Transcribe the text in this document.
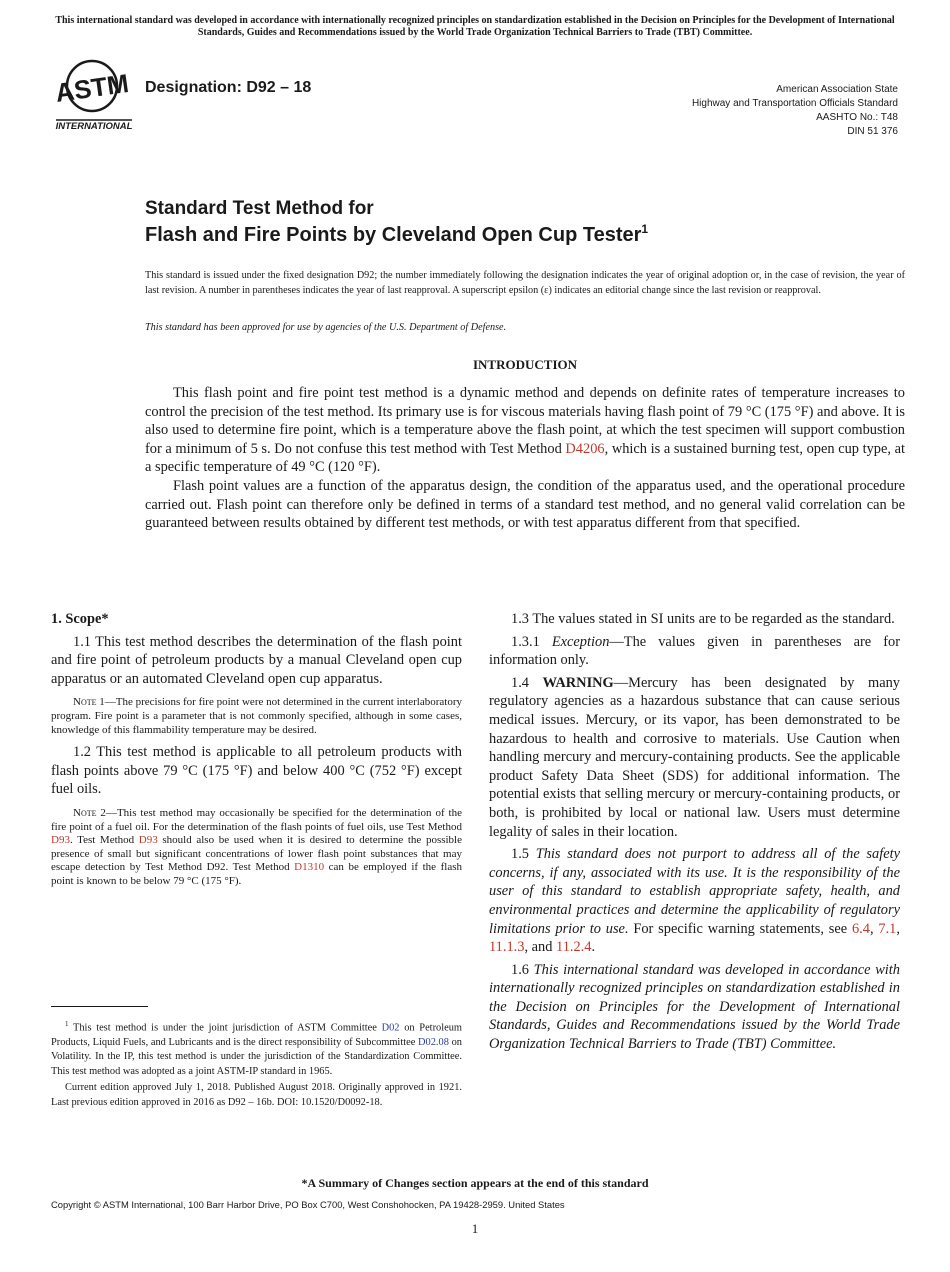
This international standard was developed in accordance with internationally recognized principles on standardization established in the Decision on Principles for the Development of International Standards, Guides and Recommendations issued by the World Trade Organization Technical Barriers to Trade (TBT) Committee.
ASTM
INTERNATIONAL
Designation: D92 – 18	American Association State
Highway and Transportation Officials Standard
AASHTO No.: T48
DIN 51 376
Standard Test Method for
Flash and Fire Points by Cleveland Open Cup Tester$^1$
This standard is issued under the fixed designation D92; the number immediately following the designation indicates the year of original adoption or, in the case of revision, the year of last revision. A number in parentheses indicates the year of last reapproval. A superscript epsilon (ε) indicates an editorial change since the last revision or reapproval.
This standard has been approved for use by agencies of the U.S. Department of Defense.
INTRODUCTION

This flash point and fire point test method is a dynamic method and depends on definite rates of temperature increases to control the precision of the test method. Its primary use is for viscous materials having flash point of 79 °C (175 °F) and above. It is also used to determine fire point, which is a temperature above the flash point, at which the test specimen will support combustion for a minimum of 5 s. Do not confuse this test method with Test Method D4206, which is a sustained burning test, open cup type, at a specific temperature of 49 °C (120 °F).

Flash point values are a function of the apparatus design, the condition of the apparatus used, and the operational procedure carried out. Flash point can therefore only be defined in terms of a standard test method, and no general valid correlation can be guaranteed between results obtained by different test methods, or with test apparatus different from that specified.

1. Scope*

1.1 This test method describes the determination of the flash point and fire point of petroleum products by a manual Cleveland open cup apparatus or an automated Cleveland open cup apparatus.

Note 1—The precisions for fire point were not determined in the current interlaboratory program. Fire point is a parameter that is not commonly specified, although in some cases, knowledge of this flammability temperature may be desired.

1.2 This test method is applicable to all petroleum products with flash points above 79 °C (175 °F) and below 400 °C (752 °F) except fuel oils.

Note 2—This test method may occasionally be specified for the determination of the fire point of a fuel oil. For the determination of the flash points of fuel oils, use Test Method D93. Test Method D93 should also be used when it is desired to determine the possible presence of small but significant concentrations of lower flash point substances that may escape detection by Test Method D92. Test Method D1310 can be employed if the flash point is known to be below 79 °C (175 °F).

$^1$ This test method is under the joint jurisdiction of ASTM Committee D02 on Petroleum Products, Liquid Fuels, and Lubricants and is the direct responsibility of Subcommittee D02.08 on Volatility. In the IP, this test method is under the jurisdiction of the Standardization Committee. This test method was adopted as a joint ASTM-IP standard in 1965.

Current edition approved July 1, 2018. Published August 2018. Originally approved in 1921. Last previous edition approved in 2016 as D92 – 16b. DOI: 10.1520/D0092-18.

1.3 The values stated in SI units are to be regarded as the standard.

1.3.1 Exception—The values given in parentheses are for information only.

1.4 WARNING—Mercury has been designated by many regulatory agencies as a hazardous substance that can cause serious medical issues. Mercury, or its vapor, has been demonstrated to be hazardous to health and corrosive to materials. Use Caution when handling mercury and mercury-containing products. See the applicable product Safety Data Sheet (SDS) for additional information. The potential exists that selling mercury or mercury-containing products, or both, is prohibited by local or national law. Users must determine legality of sales in their location.

1.5 This standard does not purport to address all of the safety concerns, if any, associated with its use. It is the responsibility of the user of this standard to establish appropriate safety, health, and environmental practices and determine the applicability of regulatory limitations prior to use. For specific warning statements, see 6.4, 7.1, 11.1.3, and 11.2.4.

1.6 This international standard was developed in accordance with internationally recognized principles on standardization established in the Decision on Principles for the Development of International Standards, Guides and Recommendations issued by the World Trade Organization Technical Barriers to Trade (TBT) Committee.

*A Summary of Changes section appears at the end of this standard
Copyright © ASTM International, 100 Barr Harbor Drive, PO Box C700, West Conshohocken, PA 19428-2959. United States
1
